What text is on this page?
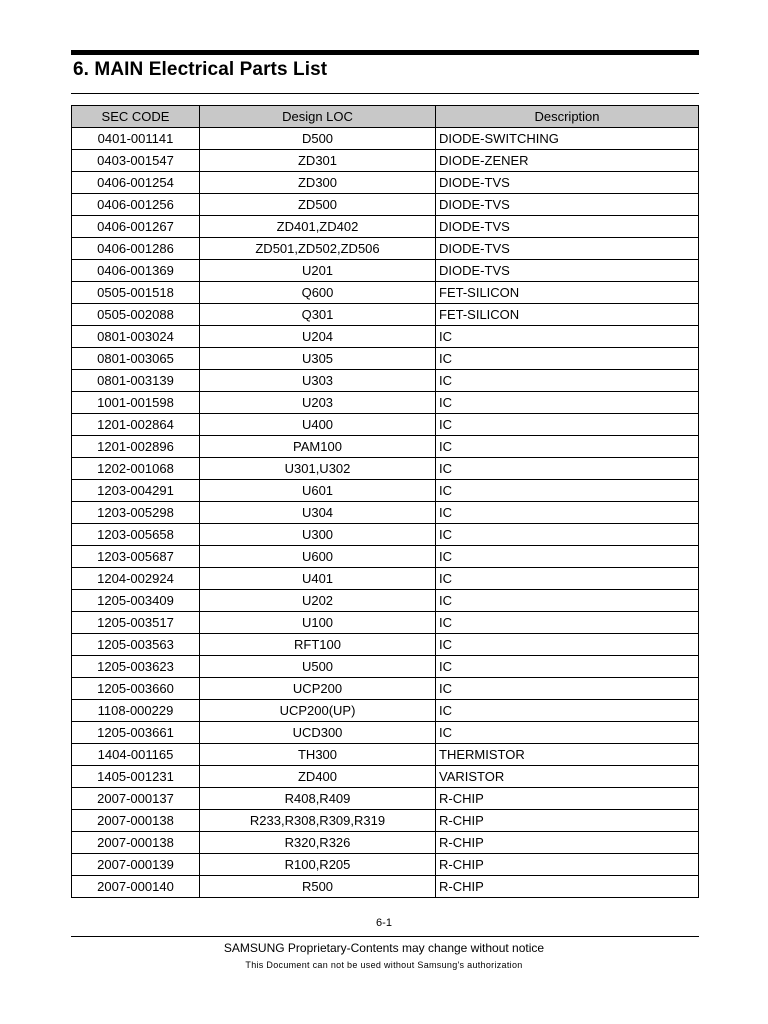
6. MAIN Electrical Parts List
SEC CODE	Design LOC	Description
0401-001141	D500	DIODE-SWITCHING
0403-001547	ZD301	DIODE-ZENER
0406-001254	ZD300	DIODE-TVS
0406-001256	ZD500	DIODE-TVS
0406-001267	ZD401,ZD402	DIODE-TVS
0406-001286	ZD501,ZD502,ZD506	DIODE-TVS
0406-001369	U201	DIODE-TVS
0505-001518	Q600	FET-SILICON
0505-002088	Q301	FET-SILICON
0801-003024	U204	IC
0801-003065	U305	IC
0801-003139	U303	IC
1001-001598	U203	IC
1201-002864	U400	IC
1201-002896	PAM100	IC
1202-001068	U301,U302	IC
1203-004291	U601	IC
1203-005298	U304	IC
1203-005658	U300	IC
1203-005687	U600	IC
1204-002924	U401	IC
1205-003409	U202	IC
1205-003517	U100	IC
1205-003563	RFT100	IC
1205-003623	U500	IC
1205-003660	UCP200	IC
1108-000229	UCP200(UP)	IC
1205-003661	UCD300	IC
1404-001165	TH300	THERMISTOR
1405-001231	ZD400	VARISTOR
2007-000137	R408,R409	R-CHIP
2007-000138	R233,R308,R309,R319	R-CHIP
2007-000138	R320,R326	R-CHIP
2007-000139	R100,R205	R-CHIP
2007-000140	R500	R-CHIP
6-1
SAMSUNG Proprietary-Contents may change without notice
This Document can not be used without Samsung's authorization
